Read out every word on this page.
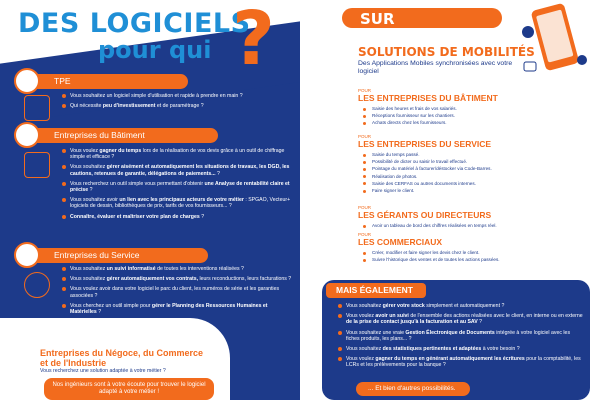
DES LOGICIELS
pour qui ?
TPE
Vous souhaitez un logiciel simple d'utilisation et rapide à prendre en main ?
Qui nécessite peu d'investissement et de paramétrage ?
Entreprises du Bâtiment
Vous voulez gagner du temps lors de la réalisation de vos devis grâce à un outil de chiffrage simple et efficace ?
Vous souhaitez gérer aisément et automatiquement les situations de travaux, les DGD, les cautions, retenues de garantie, délégations de paiements... ?
Vous recherchez un outil simple vous permettant d'obtenir une Analyse de rentabilité claire et précise ?
Vous souhaitez avoir un lien avec les principaux acteurs de votre métier : SPGAO, Vecteur+ logiciels de dessin, bibliothèques de prix, tarifs de vos fournisseurs... ?
Connaître, évaluer et maîtriser votre plan de charges ?
Entreprises du Service
Vous souhaitez un suivi informatisé de toutes les interventions réalisées ?
Vous souhaitez gérer automatiquement vos contrats, leurs reconductions, leurs facturations ?
Vous voulez avoir dans votre logiciel le parc du client, les numéros de série et les garanties associées ?
Vous cherchez un outil simple pour gérer le Planning des Ressources Humaines et Matérielles ?
Entreprises du Négoce, du Commerce et de l'Industrie
Vous recherchez une solution adaptée à votre métier ?
Nos ingénieurs sont à votre écoute pour trouver le logiciel adapté à votre métier !
SUR SMARTPHONE
SOLUTIONS DE MOBILITÉS
Des Applications Mobiles synchronisées avec votre logiciel
POUR
LES ENTREPRISES DU BÂTIMENT
Saisie des heures et frais de vos salariés.
Réceptions fournisseur sur les chantiers.
Achats directs chez les fournisseurs.
POUR
LES ENTREPRISES DU SERVICE
Saisie du temps passé.
Possibilité de dicter ou saisir le travail effectué.
Pointage du matériel à facturer/déstocker via Code-Barres.
Réalisation de photos.
Saisie des CERFAS ou autres documents internes.
Faire signer le client.
POUR
LES GÉRANTS OU DIRECTEURS
Avoir un tableau de bord des chiffres réalisées en temps réel.
POUR
LES COMMERCIAUX
Créer, modifier et faire signer les devis chez le client.
Suivre l'historique des ventes et de toutes les actions passées.
MAIS ÉGALEMENT
Vous souhaitez gérer votre stock simplement et automatiquement ?
Vous voulez avoir un suivi de l'ensemble des actions réalisées avec le client, en interne ou en externe de la prise de contact jusqu'à la facturation et au SAV ?
Vous souhaitez une vraie Gestion Électronique de Documents intégrée à votre logiciel avec les fiches produits, les plans... ?
Vous souhaitez des statistiques pertinentes et adaptées à votre besoin ?
Vous voulez gagner du temps en générant automatiquement les écritures pour la comptabilité, les LCRs et les prélèvements pour la banque ?
... Et bien d'autres possibilités.
